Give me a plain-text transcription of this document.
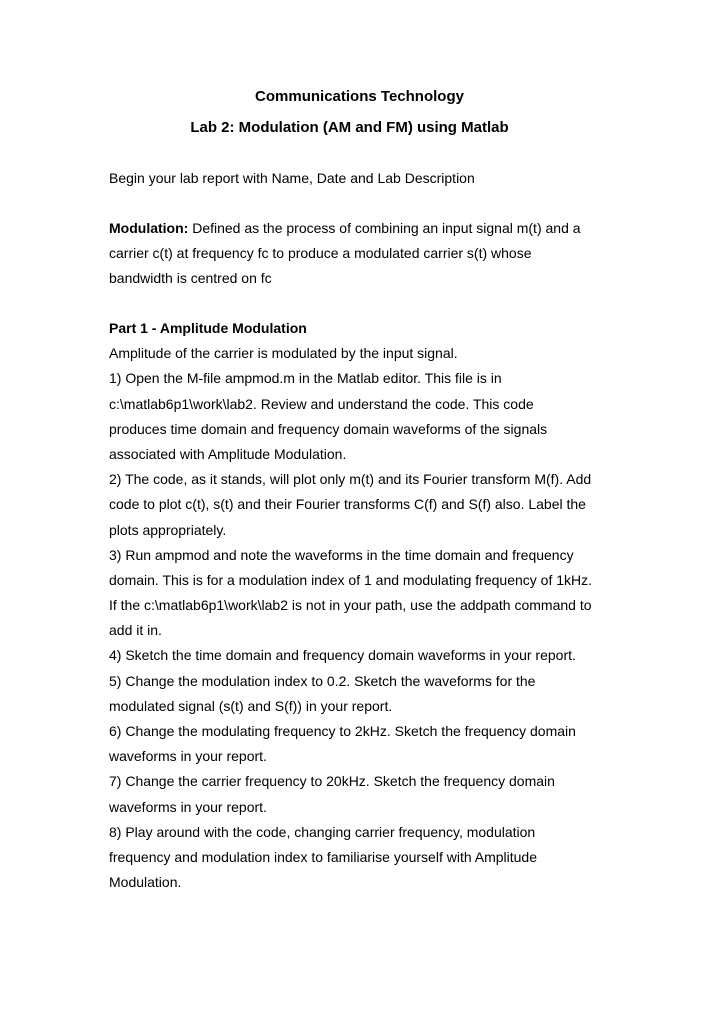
Communications Technology
Lab 2: Modulation (AM and FM) using Matlab
Begin your lab report with Name, Date and Lab Description
Modulation: Defined as the process of combining an input signal m(t) and a
carrier c(t) at frequency fc to produce a modulated carrier s(t) whose
bandwidth is centred on fc
Part 1 - Amplitude Modulation
Amplitude of the carrier is modulated by the input signal.
1) Open the M-file ampmod.m in the Matlab editor. This file is in
c:\matlab6p1\work\lab2. Review and understand the code. This code
produces time domain and frequency domain waveforms of the signals
associated with Amplitude Modulation.
2) The code, as it stands, will plot only m(t) and its Fourier transform M(f). Add
code to plot c(t), s(t) and their Fourier transforms C(f) and S(f) also. Label the
plots appropriately.
3) Run ampmod and note the waveforms in the time domain and frequency
domain. This is for a modulation index of 1 and modulating frequency of 1kHz.
If the c:\matlab6p1\work\lab2 is not in your path, use the addpath command to
add it in.
4) Sketch the time domain and frequency domain waveforms in your report.
5) Change the modulation index to 0.2. Sketch the waveforms for the
modulated signal (s(t) and S(f)) in your report.
6) Change the modulating frequency to 2kHz. Sketch the frequency domain
waveforms in your report.
7) Change the carrier frequency to 20kHz. Sketch the frequency domain
waveforms in your report.
8) Play around with the code, changing carrier frequency, modulation
frequency and modulation index to familiarise yourself with Amplitude
Modulation.
